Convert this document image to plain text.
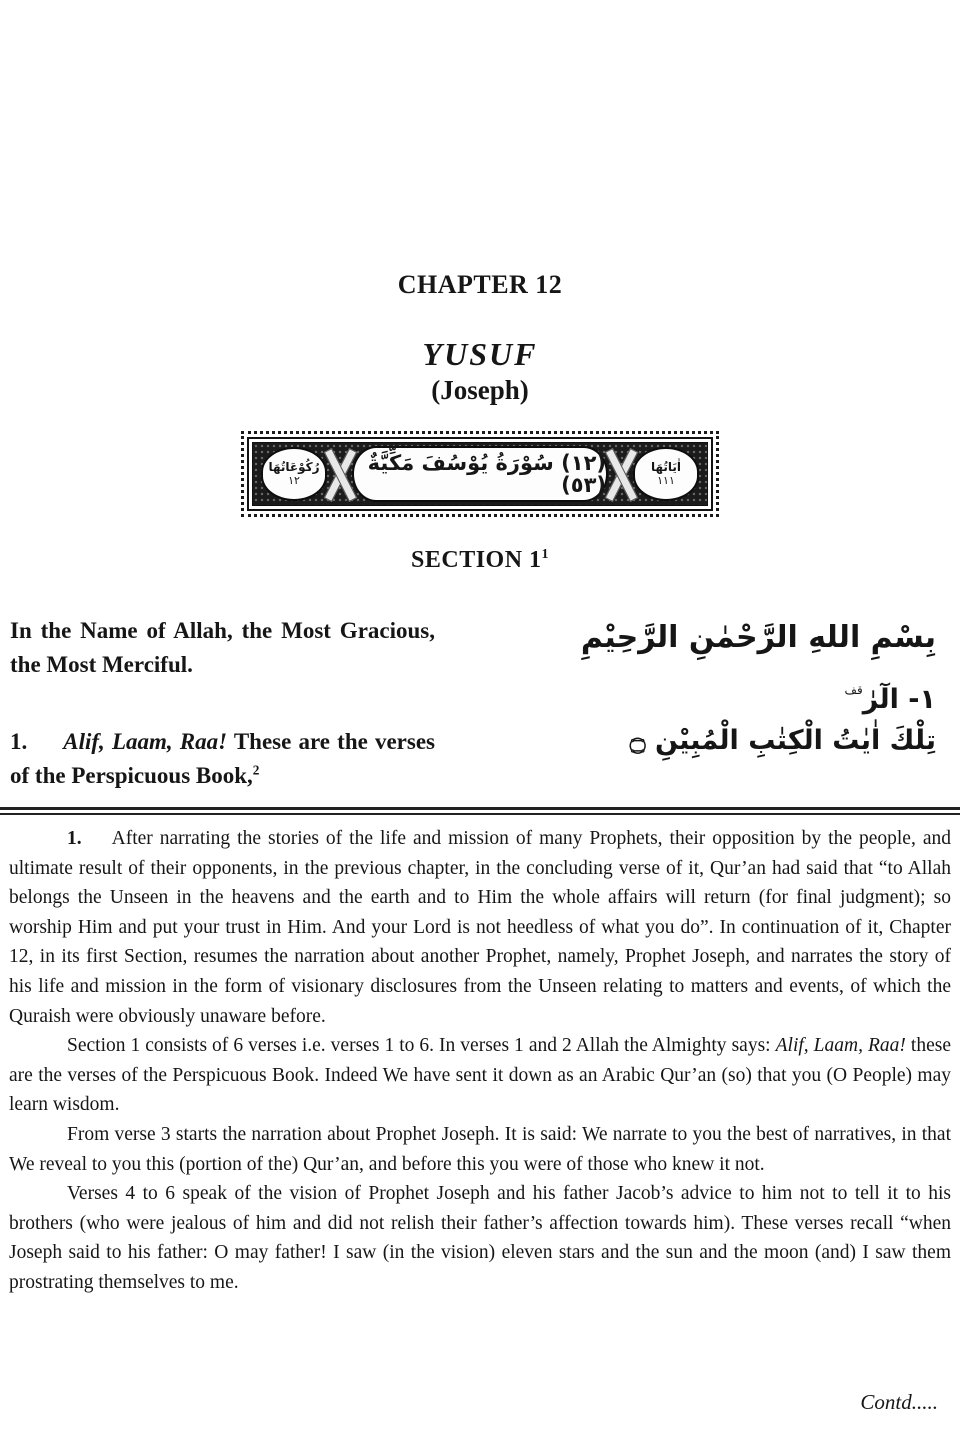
CHAPTER 12
YUSUF
(Joseph)
رُكُوْعَاتُهَا
١٢
(١٢) سُوْرَةُ يُوْسُفَ مَكِّيَّةٌ (٥٣)
اٰيَاتُهَا
١١١
SECTION $1^1$

In the Name of Allah, the Most Gracious, the Most Merciful.

1. Alif, Laam, Raa! These are the verses of the Perspicuous Book,$^2$

بِسْمِ اللهِ الرَّحْمٰنِ الرَّحِيْمِ

١- الٓرٰ$^{قف}$

تِلْكَ اٰيٰتُ الْكِتٰبِ الْمُبِيْنِ ۝

1. After narrating the stories of the life and mission of many Prophets, their opposition by the people, and ultimate result of their opponents, in the previous chapter, in the concluding verse of it, Qur’an had said that “to Allah belongs the Unseen in the heavens and the earth and to Him the whole affairs will return (for final judgment); so worship Him and put your trust in Him. And your Lord is not heedless of what you do”. In continuation of it, Chapter 12, in its first Section, resumes the narration about another Prophet, namely, Prophet Joseph, and narrates the story of his life and mission in the form of visionary disclosures from the Unseen relating to matters and events, of which the Quraish were obviously unaware before.

Section 1 consists of 6 verses i.e. verses 1 to 6. In verses 1 and 2 Allah the Almighty says: Alif, Laam, Raa! these are the verses of the Perspicuous Book. Indeed We have sent it down as an Arabic Qur’an (so) that you (O People) may learn wisdom.

From verse 3 starts the narration about Prophet Joseph. It is said: We narrate to you the best of narratives, in that We reveal to you this (portion of the) Qur’an, and before this you were of those who knew it not.

Verses 4 to 6 speak of the vision of Prophet Joseph and his father Jacob’s advice to him not to tell it to his brothers (who were jealous of him and did not relish their father’s affection towards him). These verses recall “when Joseph said to his father: O may father! I saw (in the vision) eleven stars and the sun and the moon (and) I saw them prostrating themselves to me.

Contd.....
